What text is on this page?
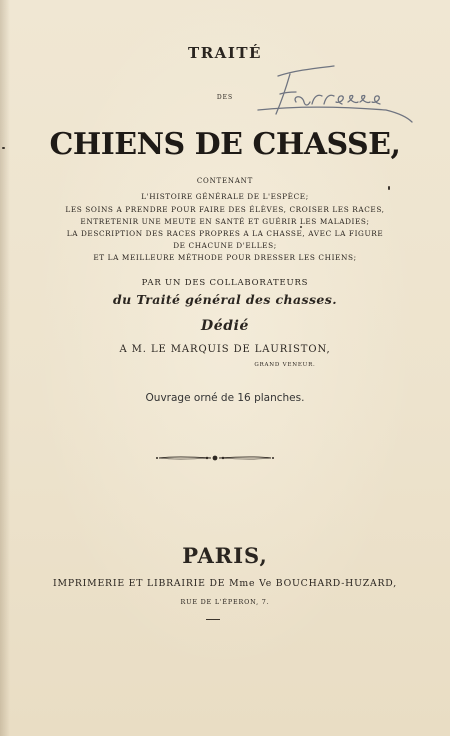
TRAITÉ
DES
CHIENS DE CHASSE,
CONTENANT
L'HISTOIRE GÉNÉRALE DE L'ESPÈCE;
LES SOINS A PRENDRE POUR FAIRE DES ÉLÈVES, CROISER LES RACES,
ENTRETENIR UNE MEUTE EN SANTÉ ET GUÉRIR LES MALADIES;
LA DESCRIPTION DES RACES PROPRES A LA CHASSE, AVEC LA FIGURE
DE CHACUNE D'ELLES;
ET LA MEILLEURE MÉTHODE POUR DRESSER LES CHIENS;
PAR UN DES COLLABORATEURS
du Traité général des chasses.
Dédié
A M. LE MARQUIS DE LAURISTON,
GRAND VENEUR.
Ouvrage orné de 16 planches.
PARIS,
IMPRIMERIE ET LIBRAIRIE DE Mme Ve BOUCHARD-HUZARD,
RUE DE L'ÉPERON, 7.
